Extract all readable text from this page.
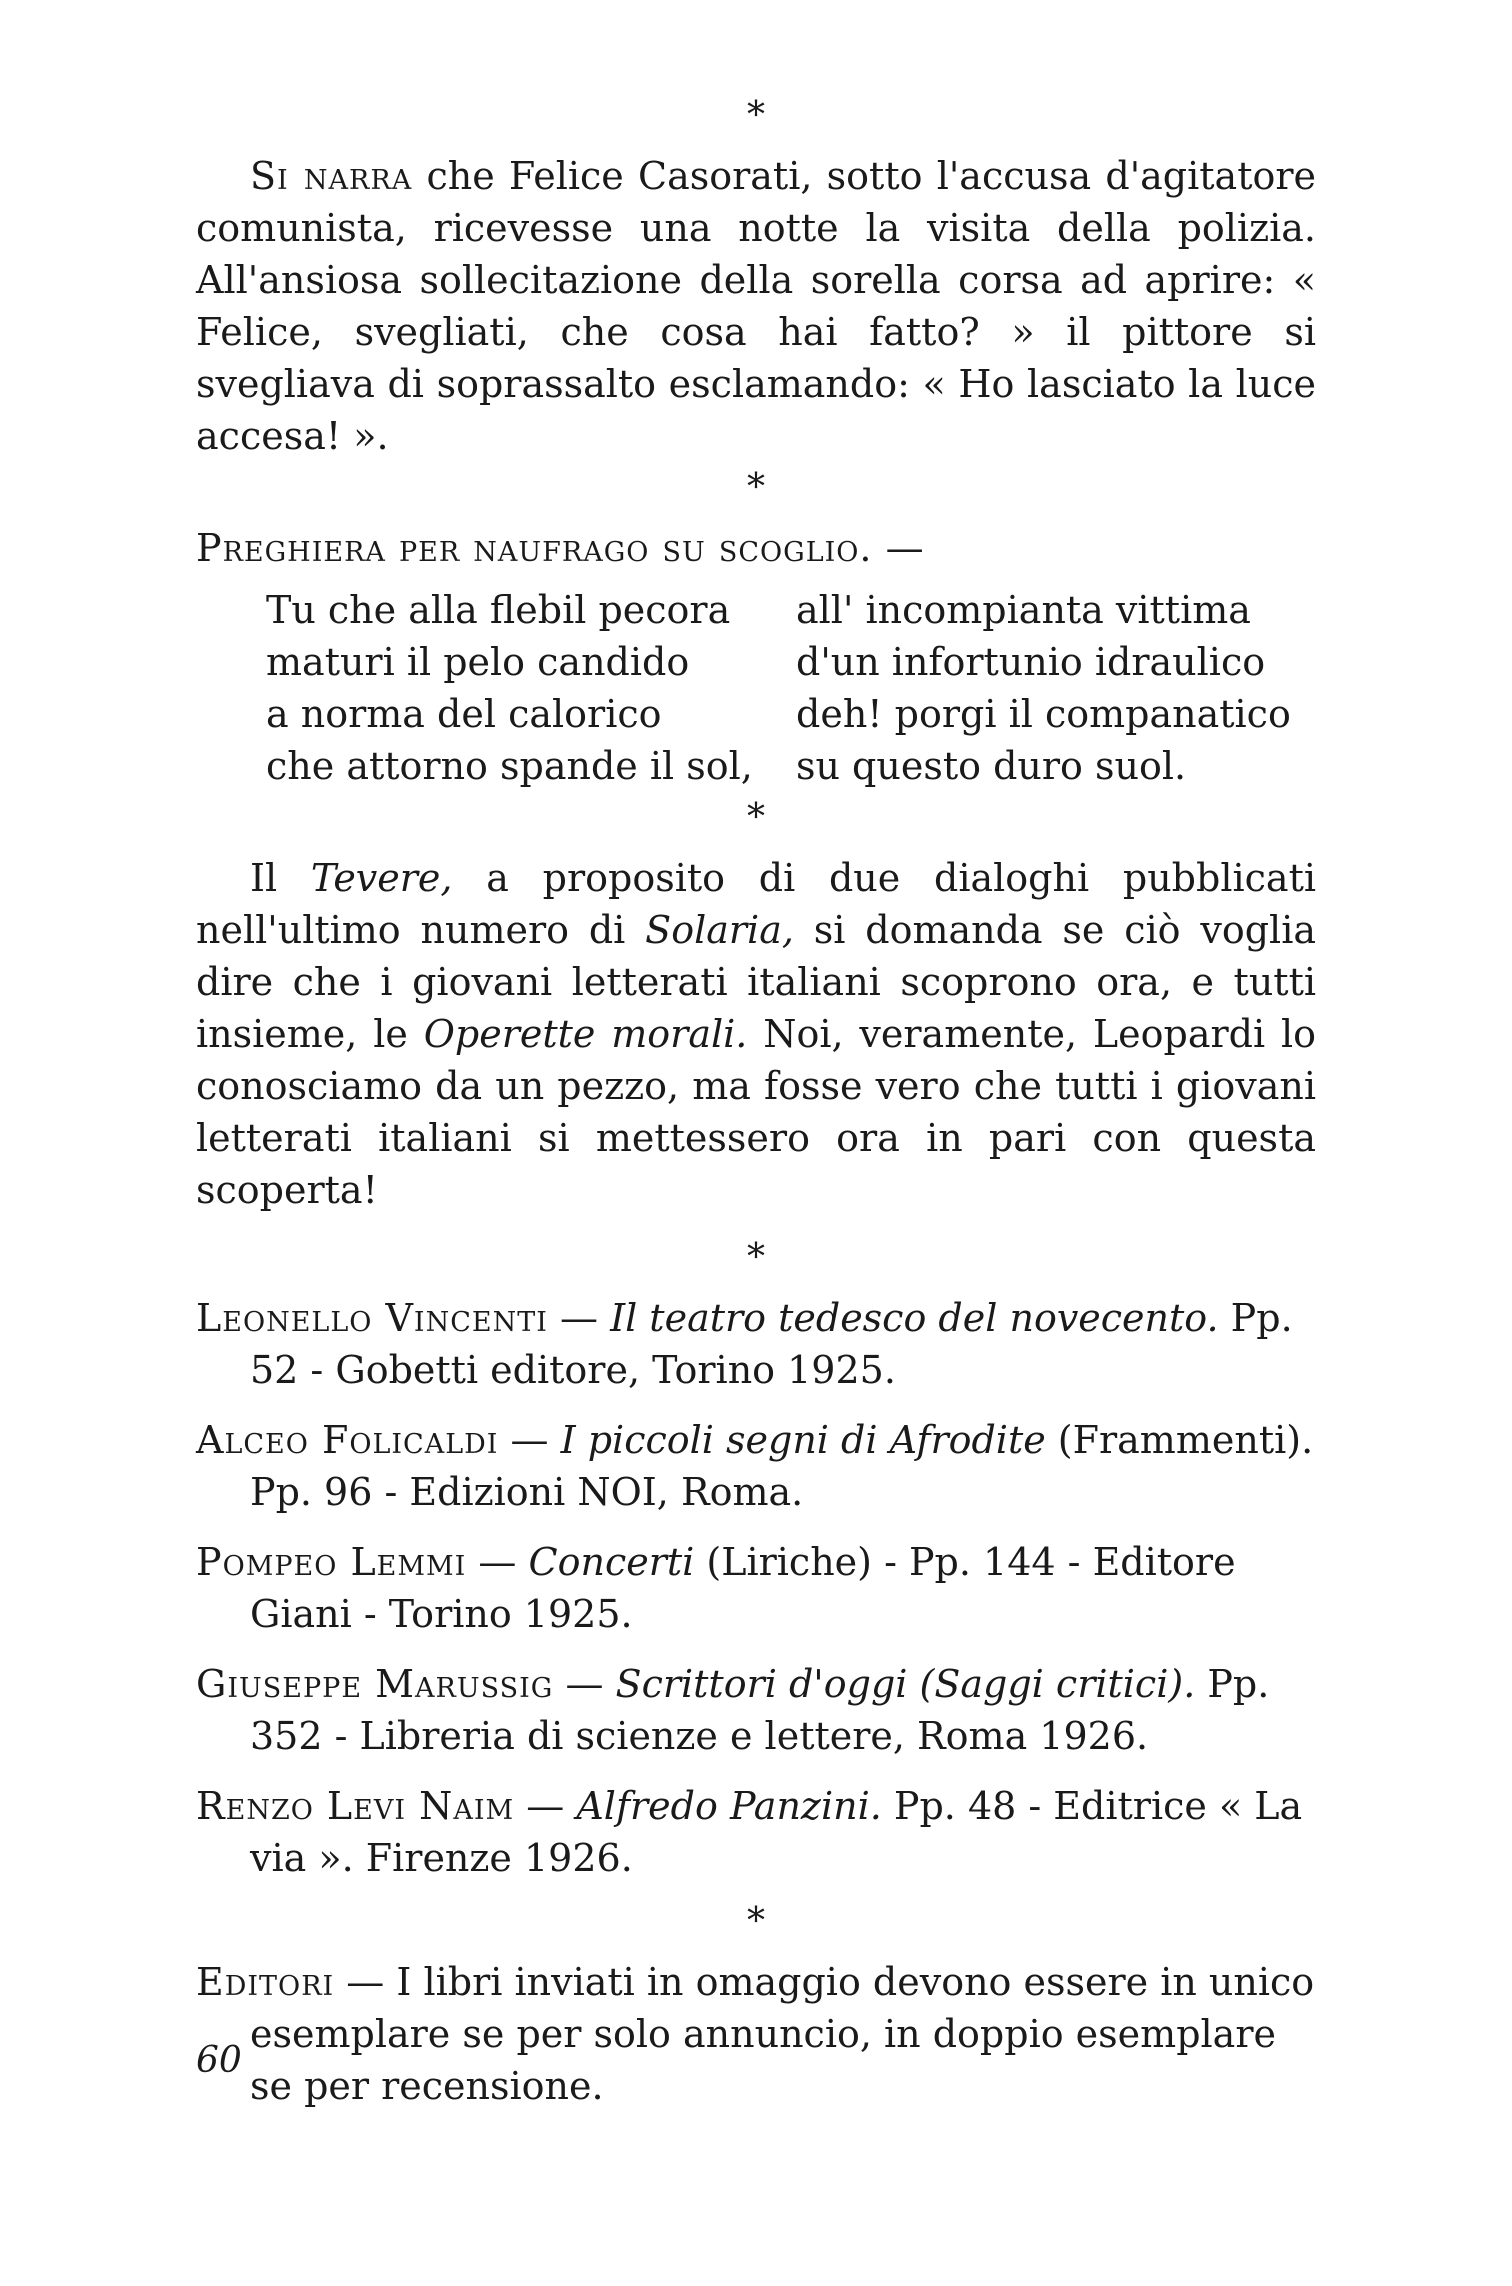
*

Si narra che Felice Casorati, sotto l'accusa d'agitatore comunista, ricevesse una notte la visita della polizia. All'ansiosa sollecitazione della sorella corsa ad aprire: « Felice, svegliati, che cosa hai fatto? » il pittore si svegliava di soprassalto esclamando: « Ho lasciato la luce accesa! ».

*
Preghiera per naufrago su scoglio. —
Tu che alla flebil pecora
maturi il pelo candido
a norma del calorico
che attorno spande il sol,
all' incompianta vittima
d'un infortunio idraulico
deh! porgi il companatico
su questo duro suol.
*

Il Tevere, a proposito di due dialoghi pubblicati nell'ultimo numero di Solaria, si domanda se ciò voglia dire che i giovani letterati italiani scoprono ora, e tutti insieme, le Operette morali. Noi, veramente, Leopardi lo conosciamo da un pezzo, ma fosse vero che tutti i giovani letterati italiani si mettessero ora in pari con questa scoperta!

*

Leonello Vincenti — Il teatro tedesco del novecento. Pp. 52 - Gobetti editore, Torino 1925.

Alceo Folicaldi — I piccoli segni di Afrodite (Frammenti). Pp. 96 - Edizioni NOI, Roma.

Pompeo Lemmi — Concerti (Liriche) - Pp. 144 - Editore Giani - Torino 1925.

Giuseppe Marussig — Scrittori d'oggi (Saggi critici). Pp. 352 - Libreria di scienze e lettere, Roma 1926.

Renzo Levi Naim — Alfredo Panzini. Pp. 48 - Editrice « La via ». Firenze 1926.

*

Editori — I libri inviati in omaggio devono essere in unico esemplare se per solo annuncio, in doppio esemplare se per recensione.

60
